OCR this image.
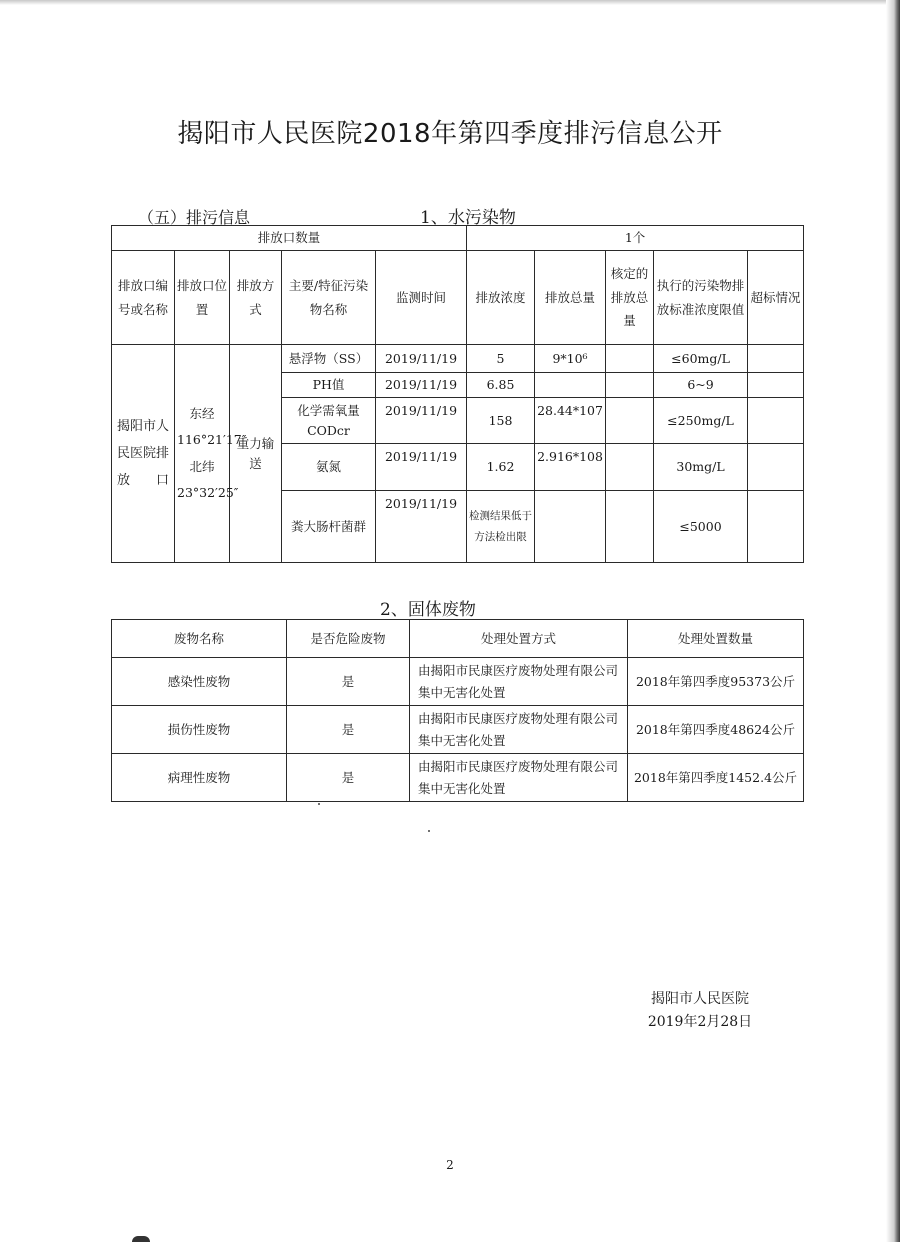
揭阳市人民医院2018年第四季度排污信息公开
（五）排污信息	1、水污染物
排放口数量					1个				
排放口编号或名称	排放口位置	排放方式	主要/特征污染物名称	监测时间	排放浓度	排放总量	核定的排放总量	执行的污染物排放标准浓度限值	超标情况
揭阳市人民医院排放口	东经116°21′17″北纬23°32′25″	重力输送	悬浮物（SS）	2019/11/19	5	9*10⁶		≤60mg/L	
			PH值	2019/11/19	6.85			6~9	
			化学需氧量CODcr	2019/11/19	158	28.44*107		≤250mg/L	
			氨氮	2019/11/19	1.62	2.916*108		30mg/L	
			粪大肠杆菌群	2019/11/19	检测结果低于方法检出限			≤5000	
2、固体废物
废物名称	是否危险废物	处理处置方式	处理处置数量
感染性废物	是	由揭阳市民康医疗废物处理有限公司集中无害化处置	2018年第四季度95373公斤
损伤性废物	是	由揭阳市民康医疗废物处理有限公司集中无害化处置	2018年第四季度48624公斤
病理性废物	是	由揭阳市民康医疗废物处理有限公司集中无害化处置	2018年第四季度1452.4公斤
揭阳市人民医院
2019年2月28日
2
